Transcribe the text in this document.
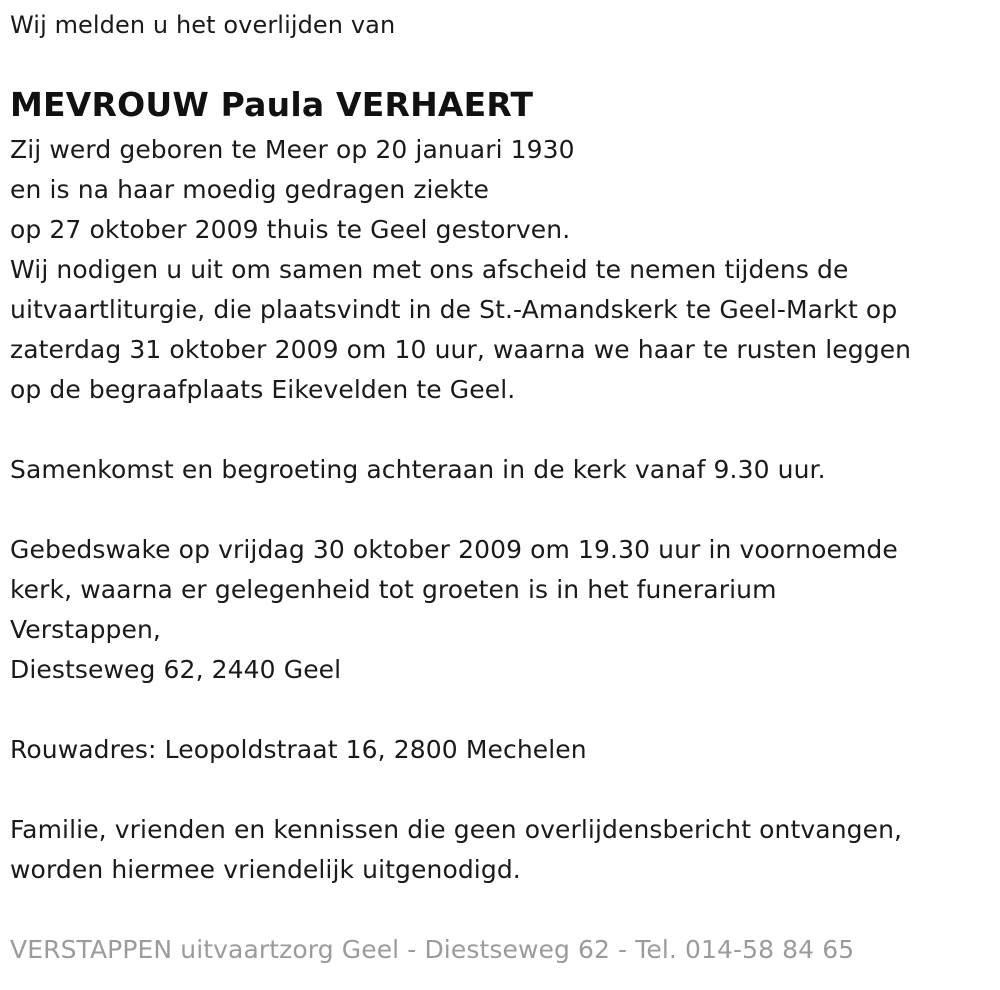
Wij melden u het overlijden van
MEVROUW Paula VERHAERT
Zij werd geboren te Meer op 20 januari 1930
en is na haar moedig gedragen ziekte
op 27 oktober 2009 thuis te Geel gestorven.
Wij nodigen u uit om samen met ons afscheid te nemen tijdens de
uitvaartliturgie, die plaatsvindt in de St.-Amandskerk te Geel-Markt op
zaterdag 31 oktober 2009 om 10 uur, waarna we haar te rusten leggen
op de begraafplaats Eikevelden te Geel.
Samenkomst en begroeting achteraan in de kerk vanaf 9.30 uur.
Gebedswake op vrijdag 30 oktober 2009 om 19.30 uur in voornoemde
kerk, waarna er gelegenheid tot groeten is in het funerarium
Verstappen,
Diestseweg 62, 2440 Geel
Rouwadres: Leopoldstraat 16, 2800 Mechelen
Familie, vrienden en kennissen die geen overlijdensbericht ontvangen,
worden hiermee vriendelijk uitgenodigd.
VERSTAPPEN uitvaartzorg Geel - Diestseweg 62 - Tel. 014-58 84 65
